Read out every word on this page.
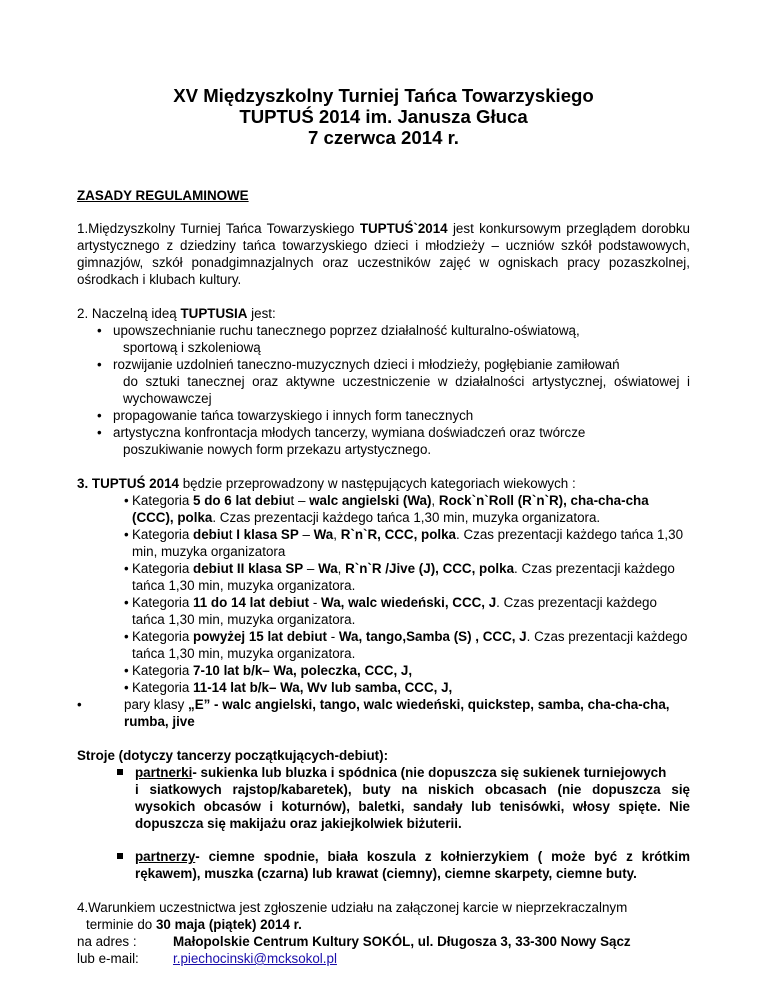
XV Międzyszkolny Turniej Tańca Towarzyskiego

TUPTUŚ 2014 im. Janusza Głuca

7 czerwca 2014 r.

ZASADY REGULAMINOWE

1.Międzyszkolny Turniej Tańca Towarzyskiego TUPTUŚ`2014 jest konkursowym przeglądem dorobku artystycznego z dziedziny tańca towarzyskiego dzieci i młodzieży – uczniów szkół podstawowych, gimnazjów, szkół ponadgimnazjalnych oraz uczestników zajęć w ogniskach pracy pozaszkolnej, ośrodkach i klubach kultury.

2. Naczelną ideą TUPTUSIA jest:

• upowszechnianie ruchu tanecznego poprzez działalność kulturalno-oświatową,
sportową i szkoleniową
• rozwijanie uzdolnień taneczno-muzycznych dzieci i młodzieży, pogłębianie zamiłowań
do sztuki tanecznej oraz aktywne uczestniczenie w działalności artystycznej, oświatowej i wychowawczej
• propagowanie tańca towarzyskiego i innych form tanecznych
• artystyczna konfrontacja młodych tancerzy, wymiana doświadczeń oraz twórcze
poszukiwanie nowych form przekazu artystycznego.

3. TUPTUŚ 2014 będzie przeprowadzony w następujących kategoriach wiekowych :

• Kategoria 5 do 6 lat debiut – walc angielski (Wa), Rock`n`Roll (R`n`R), cha-cha-cha (CCC), polka. Czas prezentacji każdego tańca 1,30 min, muzyka organizatora.
• Kategoria debiut I klasa SP – Wa, R`n`R, CCC, polka. Czas prezentacji każdego tańca 1,30 min, muzyka organizatora
• Kategoria debiut II klasa SP – Wa, R`n`R /Jive (J), CCC, polka. Czas prezentacji każdego tańca 1,30 min, muzyka organizatora.
• Kategoria 11 do 14 lat debiut - Wa, walc wiedeński, CCC, J. Czas prezentacji każdego tańca 1,30 min, muzyka organizatora.
• Kategoria powyżej 15 lat debiut - Wa, tango,Samba (S) , CCC, J. Czas prezentacji każdego tańca 1,30 min, muzyka organizatora.
• Kategoria 7-10 lat b/k– Wa, poleczka, CCC, J,
• Kategoria 11-14 lat b/k– Wa, Wv lub samba, CCC, J,
•	pary klasy „E” - walc angielski, tango, walc wiedeński, quickstep, samba, cha-cha-cha, rumba, jive

Stroje (dotyczy tancerzy początkujących-debiut):

partnerki- sukienka lub bluzka i spódnica (nie dopuszcza się sukienek turniejowych
i siatkowych rajstop/kabaretek), buty na niskich obcasach (nie dopuszcza się wysokich obcasów i koturnów), baletki, sandały lub tenisówki, włosy spięte. Nie dopuszcza się makijażu oraz jakiejkolwiek biżuterii.
partnerzy- ciemne spodnie, biała koszula z kołnierzykiem ( może być z krótkim rękawem), muszka (czarna) lub krawat (ciemny), ciemne skarpety, ciemne buty.

4.Warunkiem uczestnictwa jest zgłoszenie udziału na załączonej karcie w nieprzekraczalnym

terminie do 30 maja (piątek) 2014 r.

na adres :	Małopolskie Centrum Kultury SOKÓL, ul. Długosza 3, 33-300 Nowy Sącz
lub e-mail:	r.piechocinski@mcksokol.pl
